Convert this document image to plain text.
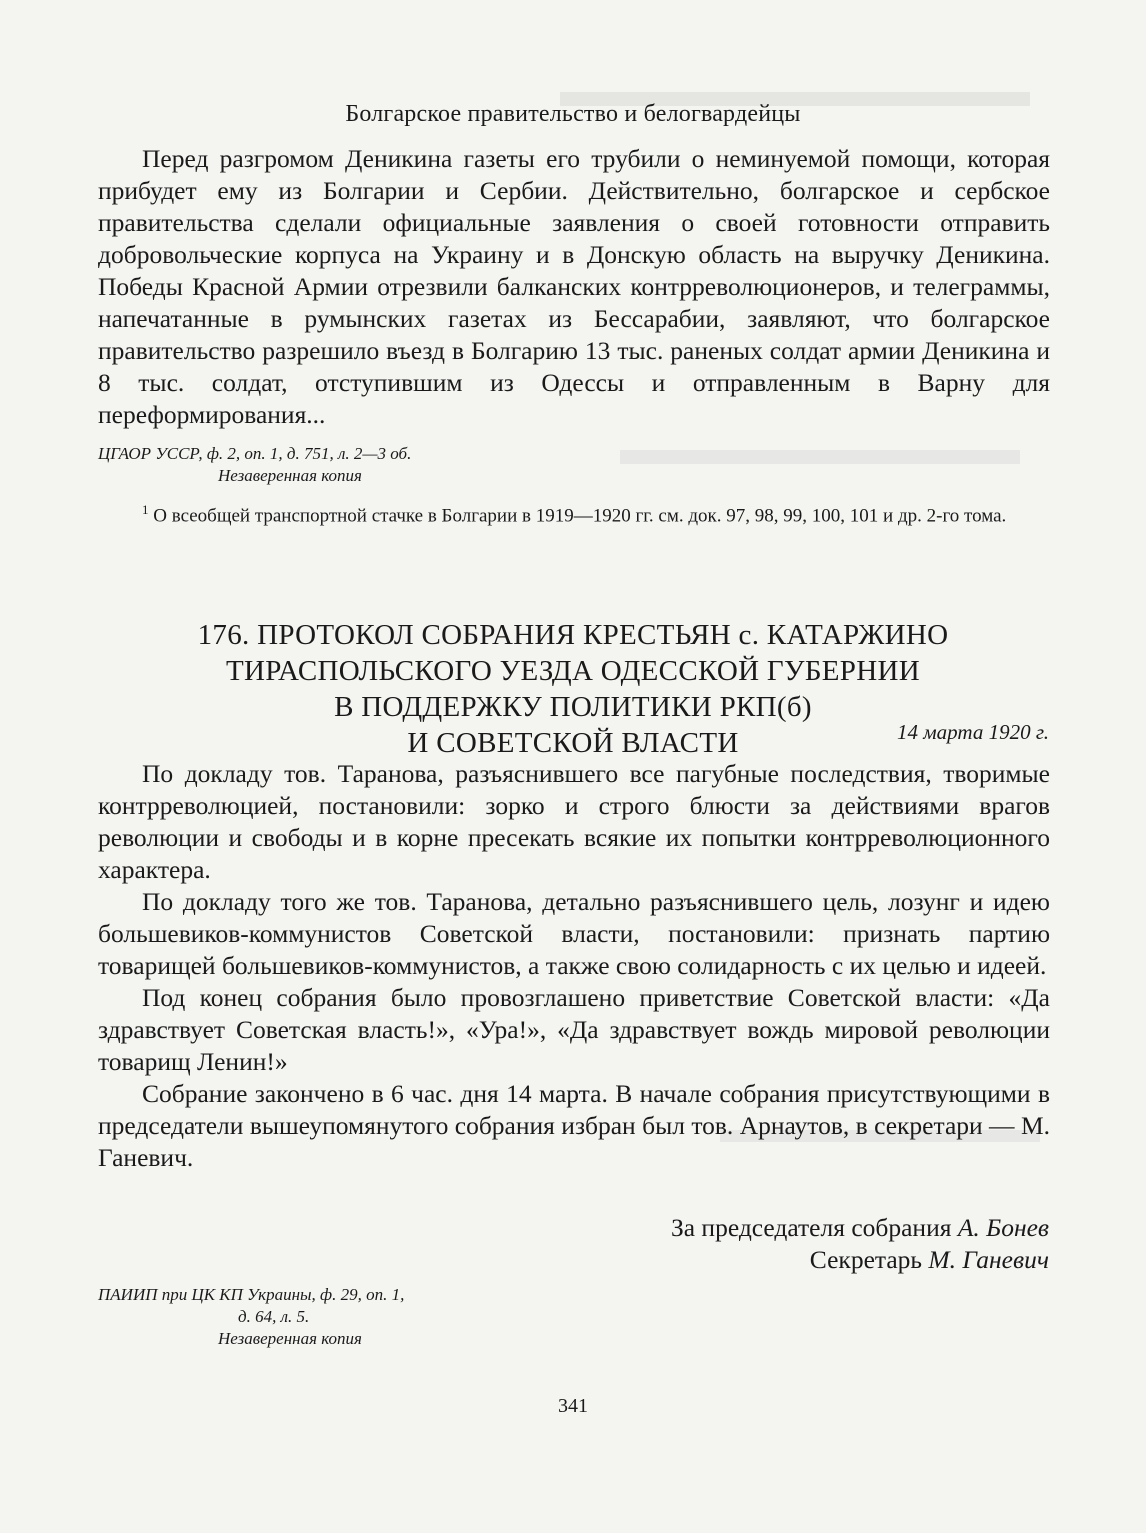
Болгарское правительство и белогвардейцы

Перед разгромом Деникина газеты его трубили о неминуемой помощи, которая прибудет ему из Болгарии и Сербии. Действительно, болгарское и сербское правительства сделали официальные заявления о своей готовности отправить добровольческие корпуса на Украину и в Донскую область на выручку Деникина. Победы Красной Армии отрезвили балканских контрреволюционеров, и телеграммы, напечатанные в румынских газетах из Бессарабии, заявляют, что болгарское правительство разрешило въезд в Болгарию 13 тыс. раненых солдат армии Деникина и 8 тыс. солдат, отступившим из Одессы и отправленным в Варну для переформирования...

ЦГАОР УССР, ф. 2, оп. 1, д. 751, л. 2—3 об.
Незаверенная копия
$^1$ О всеобщей транспортной стачке в Болгарии в 1919—1920 гг. см. док. 97, 98, 99, 100, 101 и др. 2-го тома.
176. ПРОТОКОЛ СОБРАНИЯ КРЕСТЬЯН с. КАТАРЖИНО
ТИРАСПОЛЬСКОГО УЕЗДА ОДЕССКОЙ ГУБЕРНИИ
В ПОДДЕРЖКУ ПОЛИТИКИ РКП(б)
И СОВЕТСКОЙ ВЛАСТИ	14 марта 1920 г.

По докладу тов. Таранова, разъяснившего все пагубные последствия, творимые контрреволюцией, постановили: зорко и строго блюсти за действиями врагов революции и свободы и в корне пресекать всякие их попытки контрреволюционного характера.

По докладу того же тов. Таранова, детально разъяснившего цель, лозунг и идею большевиков-коммунистов Советской власти, постановили: признать партию товарищей большевиков-коммунистов, а также свою солидарность с их целью и идеей.

Под конец собрания было провозглашено приветствие Советской власти: «Да здравствует Советская власть!», «Ура!», «Да здравствует вождь мировой революции товарищ Ленин!»

Собрание закончено в 6 час. дня 14 марта. В начале собрания присутствующими в председатели вышеупомянутого собрания избран был тов. Арнаутов, в секретари — М. Ганевич.

За председателя собрания А. Бонев
Секретарь М. Ганевич
ПАИИП при ЦК КП Украины, ф. 29, оп. 1,
д. 64, л. 5.
Незаверенная копия
341
